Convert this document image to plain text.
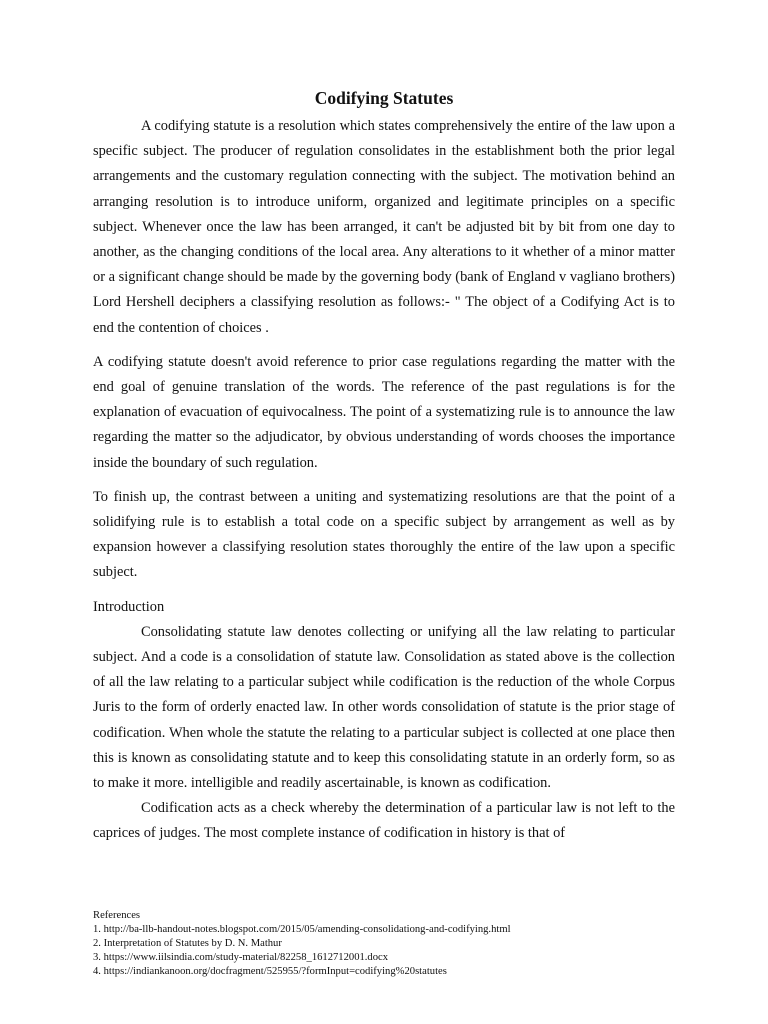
Codifying Statutes

A codifying statute is a resolution which states comprehensively the entire of the law upon a specific subject. The producer of regulation consolidates in the establishment both the prior legal arrangements and the customary regulation connecting with the subject. The motivation behind an arranging resolution is to introduce uniform, organized and legitimate principles on a specific subject. Whenever once the law has been arranged, it can't be adjusted bit by bit from one day to another, as the changing conditions of the local area. Any alterations to it whether of a minor matter or a significant change should be made by the governing body (bank of England v vagliano brothers) Lord Hershell deciphers a classifying resolution as follows:- " The object of a Codifying Act is to end the contention of choices .

A codifying statute doesn't avoid reference to prior case regulations regarding the matter with the end goal of genuine translation of the words. The reference of the past regulations is for the explanation of evacuation of equivocalness. The point of a systematizing rule is to announce the law regarding the matter so the adjudicator, by obvious understanding of words chooses the importance inside the boundary of such regulation.

To finish up, the contrast between a uniting and systematizing resolutions are that the point of a solidifying rule is to establish a total code on a specific subject by arrangement as well as by expansion however a classifying resolution states thoroughly the entire of the law upon a specific subject.

Introduction

Consolidating statute law denotes collecting or unifying all the law relating to particular subject. And a code is a consolidation of statute law. Consolidation as stated above is the collection of all the law relating to a particular subject while codification is the reduction of the whole Corpus Juris to the form of orderly enacted law. In other words consolidation of statute is the prior stage of codification. When whole the statute the relating to a particular subject is collected at one place then this is known as consolidating statute and to keep this consolidating statute in an orderly form, so as to make it more. intelligible and readily ascertainable, is known as codification.

Codification acts as a check whereby the determination of a particular law is not left to the caprices of judges. The most complete instance of codification in history is that of

References
1. http://ba-llb-handout-notes.blogspot.com/2015/05/amending-consolidationg-and-codifying.html
2. Interpretation of Statutes by D. N. Mathur
3. https://www.iilsindia.com/study-material/82258_1612712001.docx
4. https://indiankanoon.org/docfragment/525955/?formInput=codifying%20statutes
